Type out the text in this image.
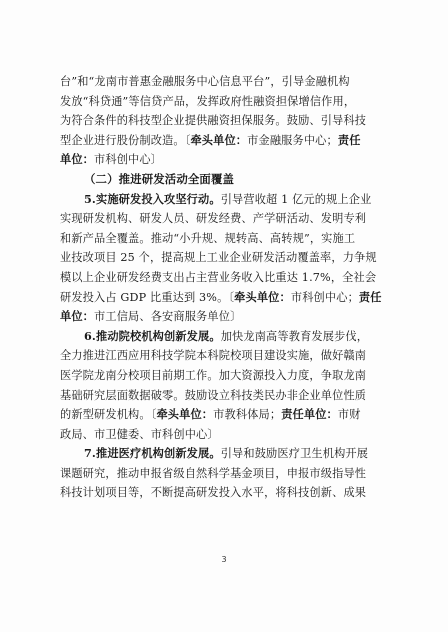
台”和“龙南市普惠金融服务中心信息平台”，引导金融机构
发放“科贷通”等信贷产品，发挥政府性融资担保增信作用，
为符合条件的科技型企业提供融资担保服务。鼓励、引导科技
型企业进行股份制改造。〔牵头单位：市金融服务中心；责任
单位：市科创中心〕
（二）推进研发活动全面覆盖
5.实施研发投入攻坚行动。引导营收超 1 亿元的规上企业
实现研发机构、研发人员、研发经费、产学研活动、发明专利
和新产品全覆盖。推动“小升规、规转高、高转规”，实施工
业技改项目 25 个，提高规上工业企业研发活动覆盖率，力争规
模以上企业研发经费支出占主营业务收入比重达 1.7%，全社会
研发投入占 GDP 比重达到 3%。〔牵头单位：市科创中心；责任
单位：市工信局、各安商服务单位〕
6.推动院校机构创新发展。加快龙南高等教育发展步伐，
全力推进江西应用科技学院本科院校项目建设实施，做好赣南
医学院龙南分校项目前期工作。加大资源投入力度，争取龙南
基础研究层面数据破零。鼓励设立科技类民办非企业单位性质
的新型研发机构。〔牵头单位：市教科体局；责任单位：市财
政局、市卫健委、市科创中心〕
7.推进医疗机构创新发展。引导和鼓励医疗卫生机构开展
课题研究，推动申报省级自然科学基金项目，申报市级指导性
科技计划项目等，不断提高研发投入水平，将科技创新、成果
3
